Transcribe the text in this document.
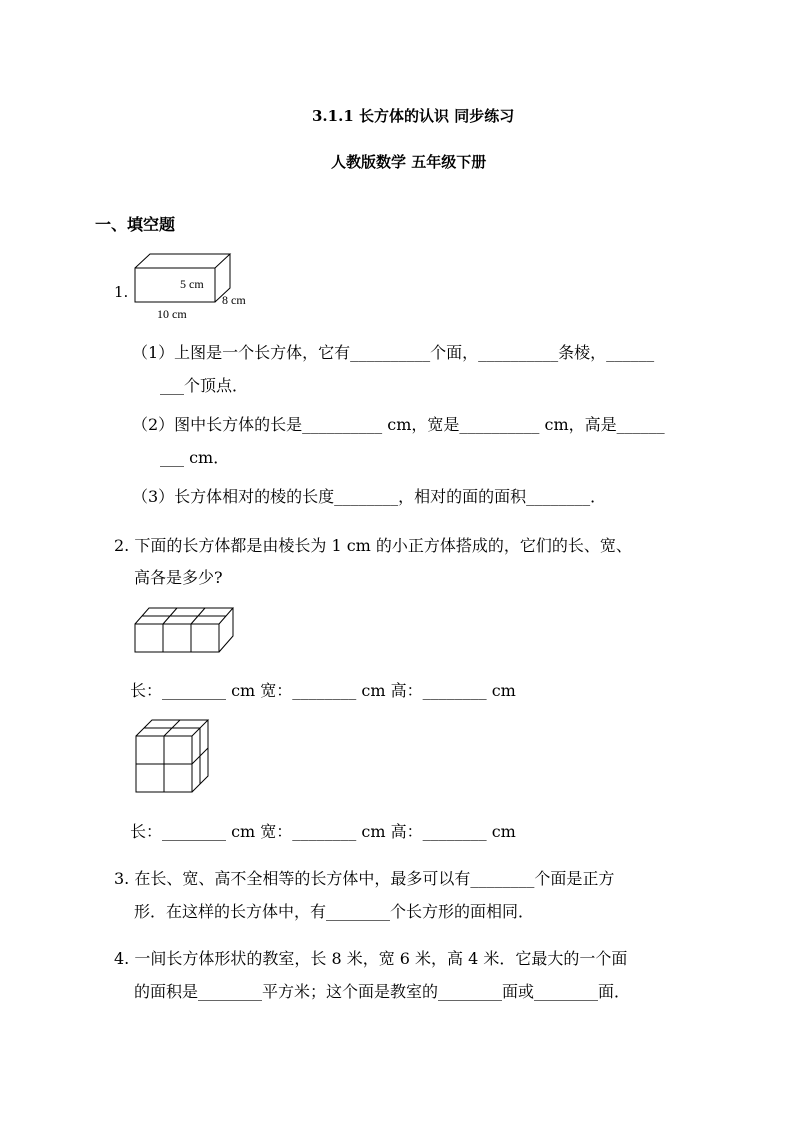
3.1.1 长方体的认识 同步练习
人教版数学 五年级下册
一、填空题
1.	5 cm
8 cm
10 cm
（1）上图是一个长方体，它有__________个面，__________条棱，______
___个顶点．
（2）图中长方体的长是__________ cm，宽是__________ cm，高是______
___ cm．
（3）长方体相对的棱的长度________，相对的面的面积________．
2. 下面的长方体都是由棱长为 1 cm 的小正方体搭成的，它们的长、宽、
高各是多少?
长：________ cm 宽：________ cm 高：________ cm
长：________ cm 宽：________ cm 高：________ cm
3. 在长、宽、高不全相等的长方体中，最多可以有________个面是正方
形．在这样的长方体中，有________个长方形的面相同．
4. 一间长方体形状的教室，长 8 米，宽 6 米，高 4 米．它最大的一个面
的面积是________平方米；这个面是教室的________面或________面．
